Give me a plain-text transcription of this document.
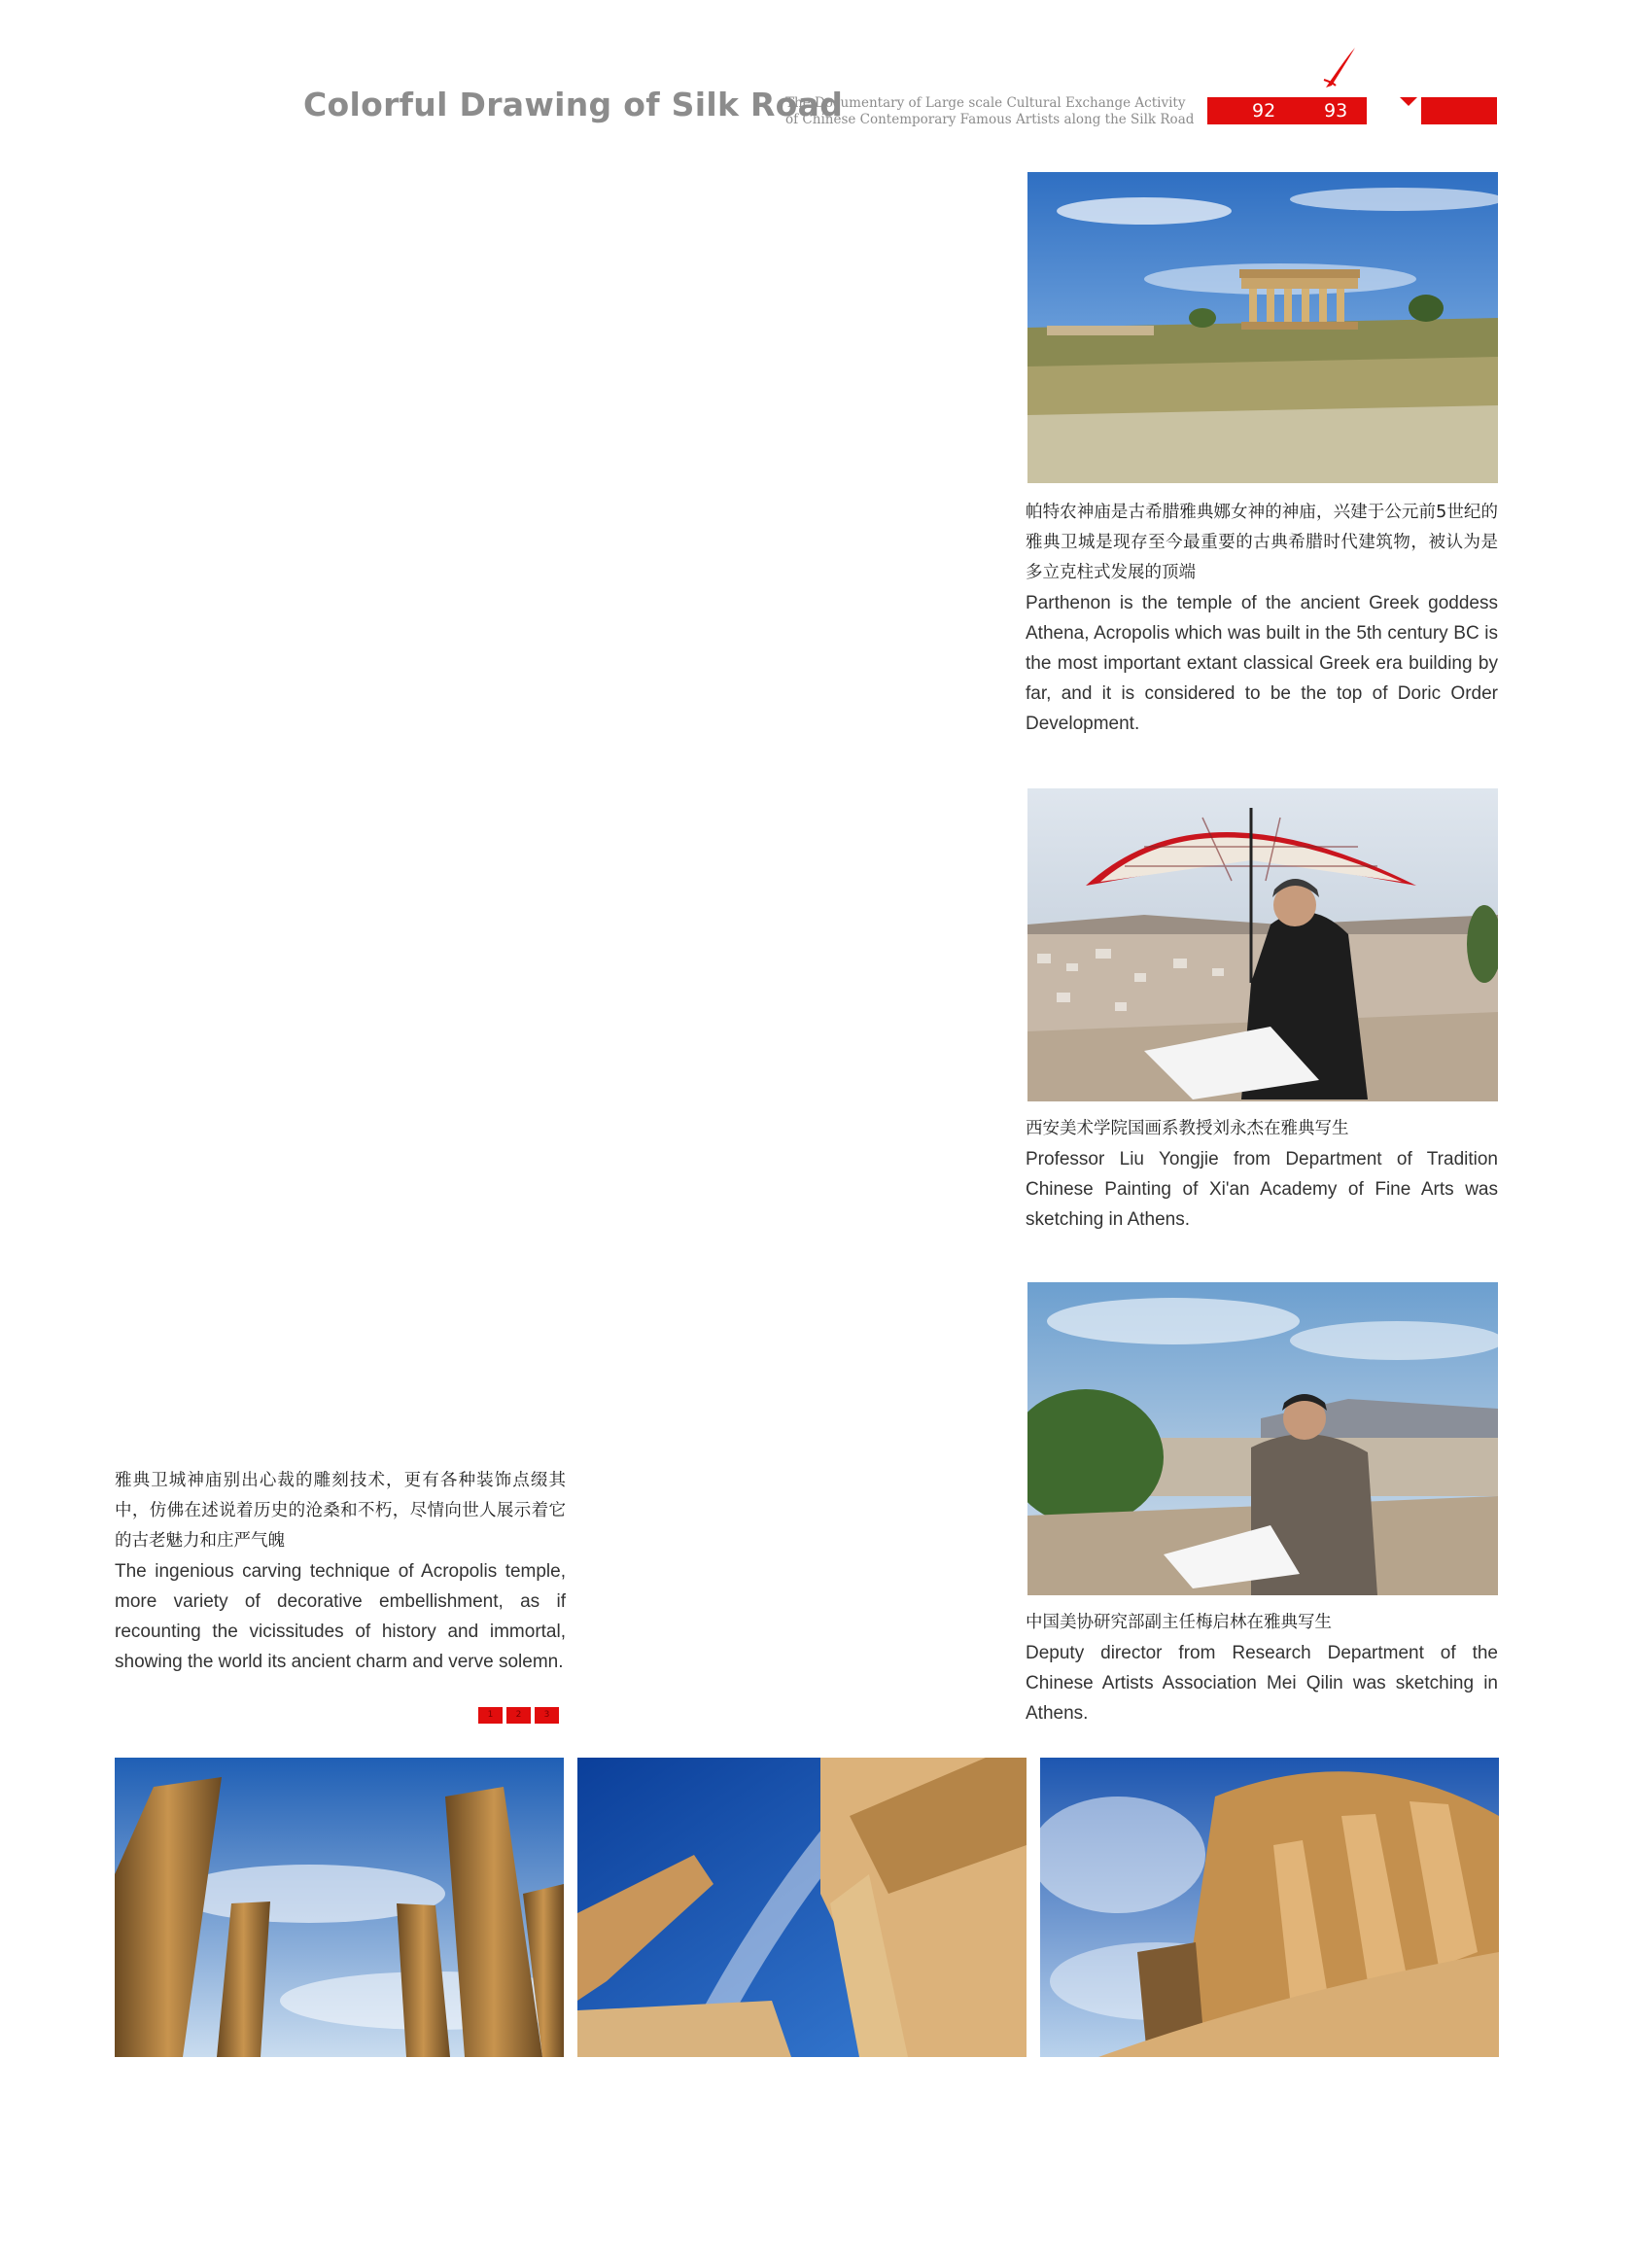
Colorful Drawing of Silk Road
The Documentary of Large scale Cultural Exchange Activity
of Chinese Contemporary Famous Artists along the Silk Road	92	93
帕特农神庙是古希腊雅典娜女神的神庙，兴建于公元前5世纪的雅典卫城是现存至今最重要的古典希腊时代建筑物，被认为是多立克柱式发展的顶端
Parthenon is the temple of the ancient Greek goddess Athena, Acropolis which was built in the 5th century BC is the most important extant classical Greek era building by far, and it is considered to be the top of Doric Order Development.
西安美术学院国画系教授刘永杰在雅典写生
Professor Liu Yongjie from Department of Tradition Chinese Painting of Xi'an Academy of Fine Arts was sketching in Athens.
中国美协研究部副主任梅启林在雅典写生
Deputy director from Research Department of the Chinese Artists Association Mei Qilin was sketching in Athens.
雅典卫城神庙别出心裁的雕刻技术，更有各种装饰点缀其中，仿佛在述说着历史的沧桑和不朽，尽情向世人展示着它的古老魅力和庄严气魄
The ingenious carving technique of Acropolis temple, more variety of decorative embellishment, as if recounting the vicissitudes of history and immortal, showing the world its ancient charm and verve solemn.
1	2	3
